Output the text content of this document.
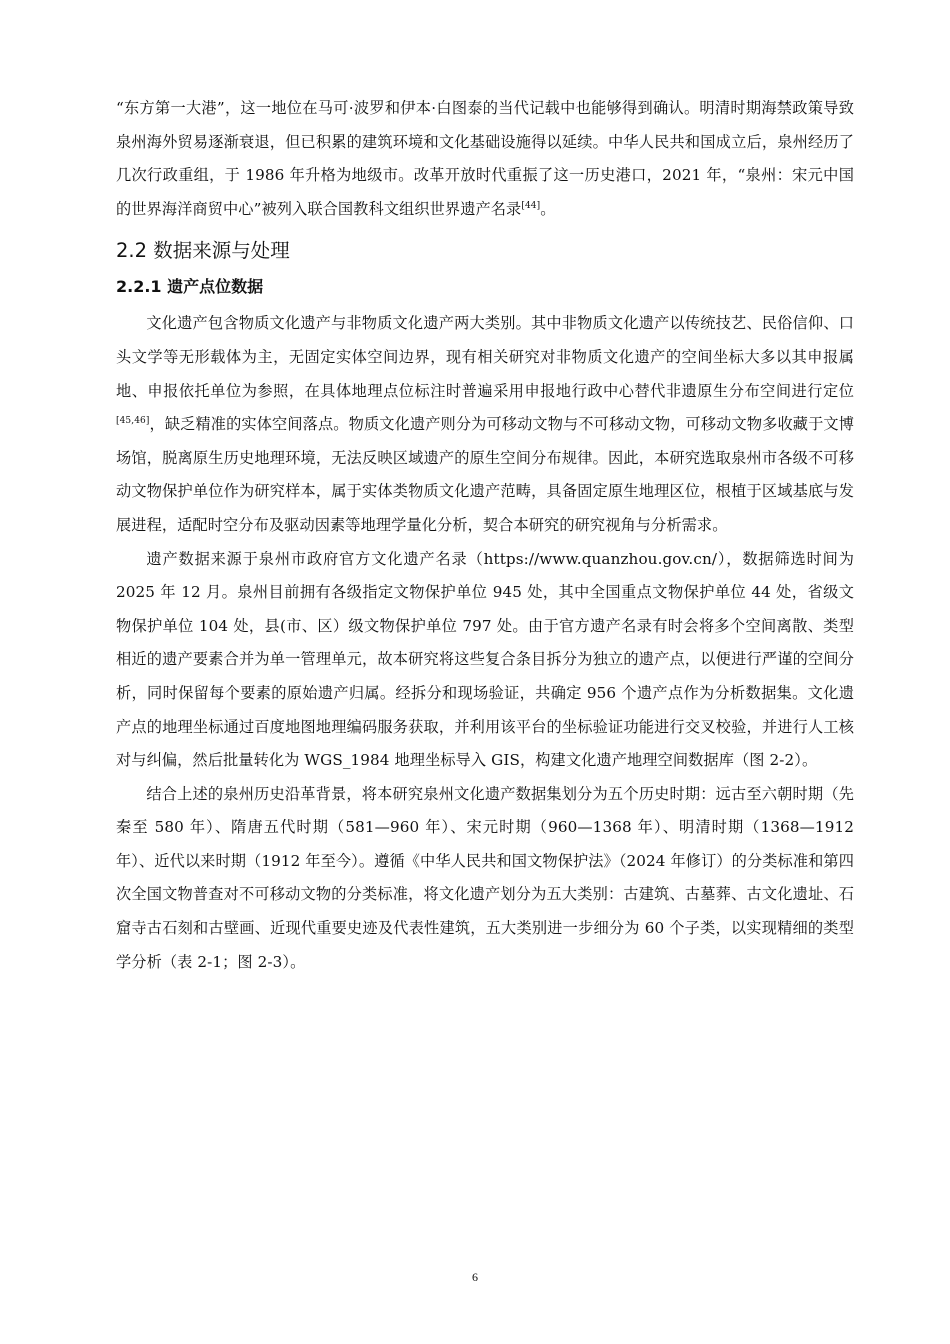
“东方第一大港”，这一地位在马可·波罗和伊本·白图泰的当代记载中也能够得到确认。明清时期海禁政策导致泉州海外贸易逐渐衰退，但已积累的建筑环境和文化基础设施得以延续。中华人民共和国成立后，泉州经历了几次行政重组，于 1986 年升格为地级市。改革开放时代重振了这一历史港口，2021 年，“泉州：宋元中国的世界海洋商贸中心”被列入联合国教科文组织世界遗产名录[44]。

2.2 数据来源与处理
2.2.1 遗产点位数据

文化遗产包含物质文化遗产与非物质文化遗产两大类别。其中非物质文化遗产以传统技艺、民俗信仰、口头文学等无形载体为主，无固定实体空间边界，现有相关研究对非物质文化遗产的空间坐标大多以其申报属地、申报依托单位为参照，在具体地理点位标注时普遍采用申报地行政中心替代非遗原生分布空间进行定位[45,46]，缺乏精准的实体空间落点。物质文化遗产则分为可移动文物与不可移动文物，可移动文物多收藏于文博场馆，脱离原生历史地理环境，无法反映区域遗产的原生空间分布规律。因此，本研究选取泉州市各级不可移动文物保护单位作为研究样本，属于实体类物质文化遗产范畴，具备固定原生地理区位，根植于区域基底与发展进程，适配时空分布及驱动因素等地理学量化分析，契合本研究的研究视角与分析需求。

遗产数据来源于泉州市政府官方文化遗产名录（https://www.quanzhou.gov.cn/），数据筛选时间为 2025 年 12 月。泉州目前拥有各级指定文物保护单位 945 处，其中全国重点文物保护单位 44 处，省级文物保护单位 104 处，县(市、区）级文物保护单位 797 处。由于官方遗产名录有时会将多个空间离散、类型相近的遗产要素合并为单一管理单元，故本研究将这些复合条目拆分为独立的遗产点，以便进行严谨的空间分析，同时保留每个要素的原始遗产归属。经拆分和现场验证，共确定 956 个遗产点作为分析数据集。文化遗产点的地理坐标通过百度地图地理编码服务获取，并利用该平台的坐标验证功能进行交叉校验，并进行人工核对与纠偏，然后批量转化为 WGS_1984 地理坐标导入 GIS，构建文化遗产地理空间数据库（图 2-2）。

结合上述的泉州历史沿革背景，将本研究泉州文化遗产数据集划分为五个历史时期：远古至六朝时期（先秦至 580 年）、隋唐五代时期（581—960 年）、宋元时期（960—1368 年）、明清时期（1368—1912 年）、近代以来时期（1912 年至今）。遵循《中华人民共和国文物保护法》（2024 年修订）的分类标准和第四次全国文物普查对不可移动文物的分类标准，将文化遗产划分为五大类别：古建筑、古墓葬、古文化遗址、石窟寺古石刻和古壁画、近现代重要史迹及代表性建筑，五大类别进一步细分为 60 个子类，以实现精细的类型学分析（表 2-1；图 2-3）。

6
